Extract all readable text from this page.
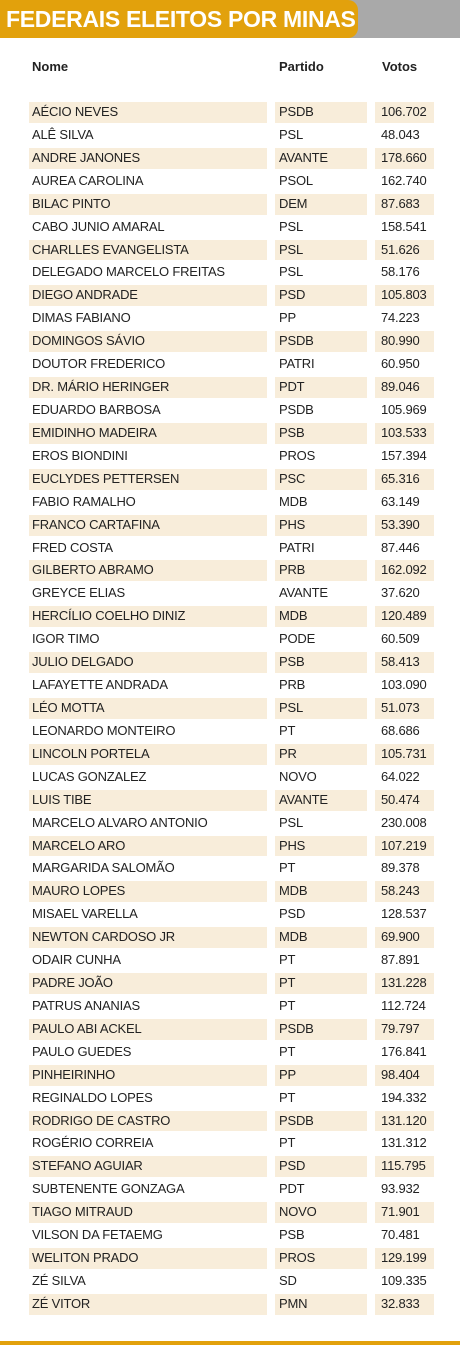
FEDERAIS ELEITOS POR MINAS
Nome	Partido	Votos
AÉCIO NEVES	PSDB	106.702
ALÊ SILVA	PSL	48.043
ANDRE JANONES	AVANTE	178.660
AUREA CAROLINA	PSOL	162.740
BILAC PINTO	DEM	87.683
CABO JUNIO AMARAL	PSL	158.541
CHARLLES EVANGELISTA	PSL	51.626
DELEGADO MARCELO FREITAS	PSL	58.176
DIEGO ANDRADE	PSD	105.803
DIMAS FABIANO	PP	74.223
DOMINGOS SÁVIO	PSDB	80.990
DOUTOR FREDERICO	PATRI	60.950
DR. MÁRIO HERINGER	PDT	89.046
EDUARDO BARBOSA	PSDB	105.969
EMIDINHO MADEIRA	PSB	103.533
EROS BIONDINI	PROS	157.394
EUCLYDES PETTERSEN	PSC	65.316
FABIO RAMALHO	MDB	63.149
FRANCO CARTAFINA	PHS	53.390
FRED COSTA	PATRI	87.446
GILBERTO ABRAMO	PRB	162.092
GREYCE ELIAS	AVANTE	37.620
HERCÍLIO COELHO DINIZ	MDB	120.489
IGOR TIMO	PODE	60.509
JULIO DELGADO	PSB	58.413
LAFAYETTE ANDRADA	PRB	103.090
LÉO MOTTA	PSL	51.073
LEONARDO MONTEIRO	PT	68.686
LINCOLN PORTELA	PR	105.731
LUCAS GONZALEZ	NOVO	64.022
LUIS TIBE	AVANTE	50.474
MARCELO ALVARO ANTONIO	PSL	230.008
MARCELO ARO	PHS	107.219
MARGARIDA SALOMÃO	PT	89.378
MAURO LOPES	MDB	58.243
MISAEL VARELLA	PSD	128.537
NEWTON CARDOSO JR	MDB	69.900
ODAIR CUNHA	PT	87.891
PADRE JOÃO	PT	131.228
PATRUS ANANIAS	PT	112.724
PAULO ABI ACKEL	PSDB	79.797
PAULO GUEDES	PT	176.841
PINHEIRINHO	PP	98.404
REGINALDO LOPES	PT	194.332
RODRIGO DE CASTRO	PSDB	131.120
ROGÉRIO CORREIA	PT	131.312
STEFANO AGUIAR	PSD	115.795
SUBTENENTE GONZAGA	PDT	93.932
TIAGO MITRAUD	NOVO	71.901
VILSON DA FETAEMG	PSB	70.481
WELITON PRADO	PROS	129.199
ZÉ SILVA	SD	109.335
ZÉ VITOR	PMN	32.833
